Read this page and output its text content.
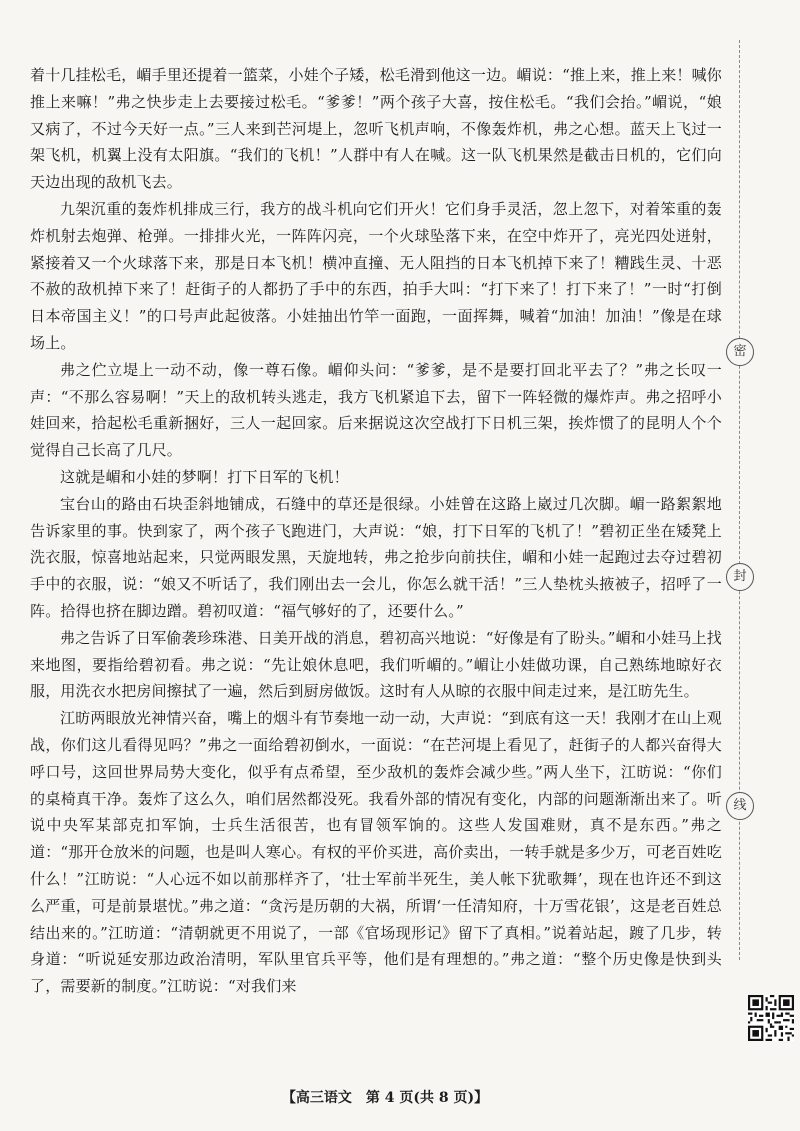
着十几挂松毛，嵋手里还提着一篮菜，小娃个子矮，松毛滑到他这一边。嵋说：“推上来，推上来！喊你推上来嘛！”弗之快步走上去要接过松毛。“爹爹！”两个孩子大喜，按住松毛。“我们会抬。”嵋说，“娘又病了，不过今天好一点。”三人来到芒河堤上，忽听飞机声响，不像轰炸机，弗之心想。蓝天上飞过一架飞机，机翼上没有太阳旗。“我们的飞机！”人群中有人在喊。这一队飞机果然是截击日机的，它们向天边出现的敌机飞去。

九架沉重的轰炸机排成三行，我方的战斗机向它们开火！它们身手灵活，忽上忽下，对着笨重的轰炸机射去炮弹、枪弹。一排排火光，一阵阵闪亮，一个火球坠落下来，在空中炸开了，亮光四处迸射，紧接着又一个火球落下来，那是日本飞机！横冲直撞、无人阻挡的日本飞机掉下来了！糟践生灵、十恶不赦的敌机掉下来了！赶街子的人都扔了手中的东西，拍手大叫：“打下来了！打下来了！”一时“打倒日本帝国主义！”的口号声此起彼落。小娃抽出竹竿一面跑，一面挥舞，喊着“加油！加油！”像是在球场上。

弗之伫立堤上一动不动，像一尊石像。嵋仰头问：“爹爹，是不是要打回北平去了？”弗之长叹一声：“不那么容易啊！”天上的敌机转头逃走，我方飞机紧追下去，留下一阵轻微的爆炸声。弗之招呼小娃回来，拾起松毛重新捆好，三人一起回家。后来据说这次空战打下日机三架，挨炸惯了的昆明人个个觉得自己长高了几尺。

这就是嵋和小娃的梦啊！打下日军的飞机！

宝台山的路由石块歪斜地铺成，石缝中的草还是很绿。小娃曾在这路上崴过几次脚。嵋一路絮絮地告诉家里的事。快到家了，两个孩子飞跑进门，大声说：“娘，打下日军的飞机了！”碧初正坐在矮凳上洗衣服，惊喜地站起来，只觉两眼发黑，天旋地转，弗之抢步向前扶住，嵋和小娃一起跑过去夺过碧初手中的衣服，说：“娘又不听话了，我们刚出去一会儿，你怎么就干活！”三人垫枕头掖被子，招呼了一阵。拾得也挤在脚边蹭。碧初叹道：“福气够好的了，还要什么。”

弗之告诉了日军偷袭珍珠港、日美开战的消息，碧初高兴地说：“好像是有了盼头。”嵋和小娃马上找来地图，要指给碧初看。弗之说：“先让娘休息吧，我们听嵋的。”嵋让小娃做功课，自己熟练地晾好衣服，用洗衣水把房间擦拭了一遍，然后到厨房做饭。这时有人从晾的衣服中间走过来，是江昉先生。

江昉两眼放光神情兴奋，嘴上的烟斗有节奏地一动一动，大声说：“到底有这一天！我刚才在山上观战，你们这儿看得见吗？”弗之一面给碧初倒水，一面说：“在芒河堤上看见了，赶街子的人都兴奋得大呼口号，这回世界局势大变化，似乎有点希望，至少敌机的轰炸会减少些。”两人坐下，江昉说：“你们的桌椅真干净。轰炸了这么久，咱们居然都没死。我看外部的情况有变化，内部的问题渐渐出来了。听说中央军某部克扣军饷，士兵生活很苦，也有冒领军饷的。这些人发国难财，真不是东西。”弗之道：“那开仓放米的问题，也是叫人寒心。有权的平价买进，高价卖出，一转手就是多少万，可老百姓吃什么！”江昉说：“人心远不如以前那样齐了，‘壮士军前半死生，美人帐下犹歌舞’，现在也许还不到这么严重，可是前景堪忧。”弗之道：“贪污是历朝的大祸，所谓‘一任清知府，十万雪花银’，这是老百姓总结出来的。”江昉道：“清朝就更不用说了，一部《官场现形记》留下了真相。”说着站起，踱了几步，转身道：“听说延安那边政治清明，军队里官兵平等，他们是有理想的。”弗之道：“整个历史像是快到头了，需要新的制度。”江昉说：“对我们来

【高三语文　第 4 页(共 8 页)】
密
封
线
